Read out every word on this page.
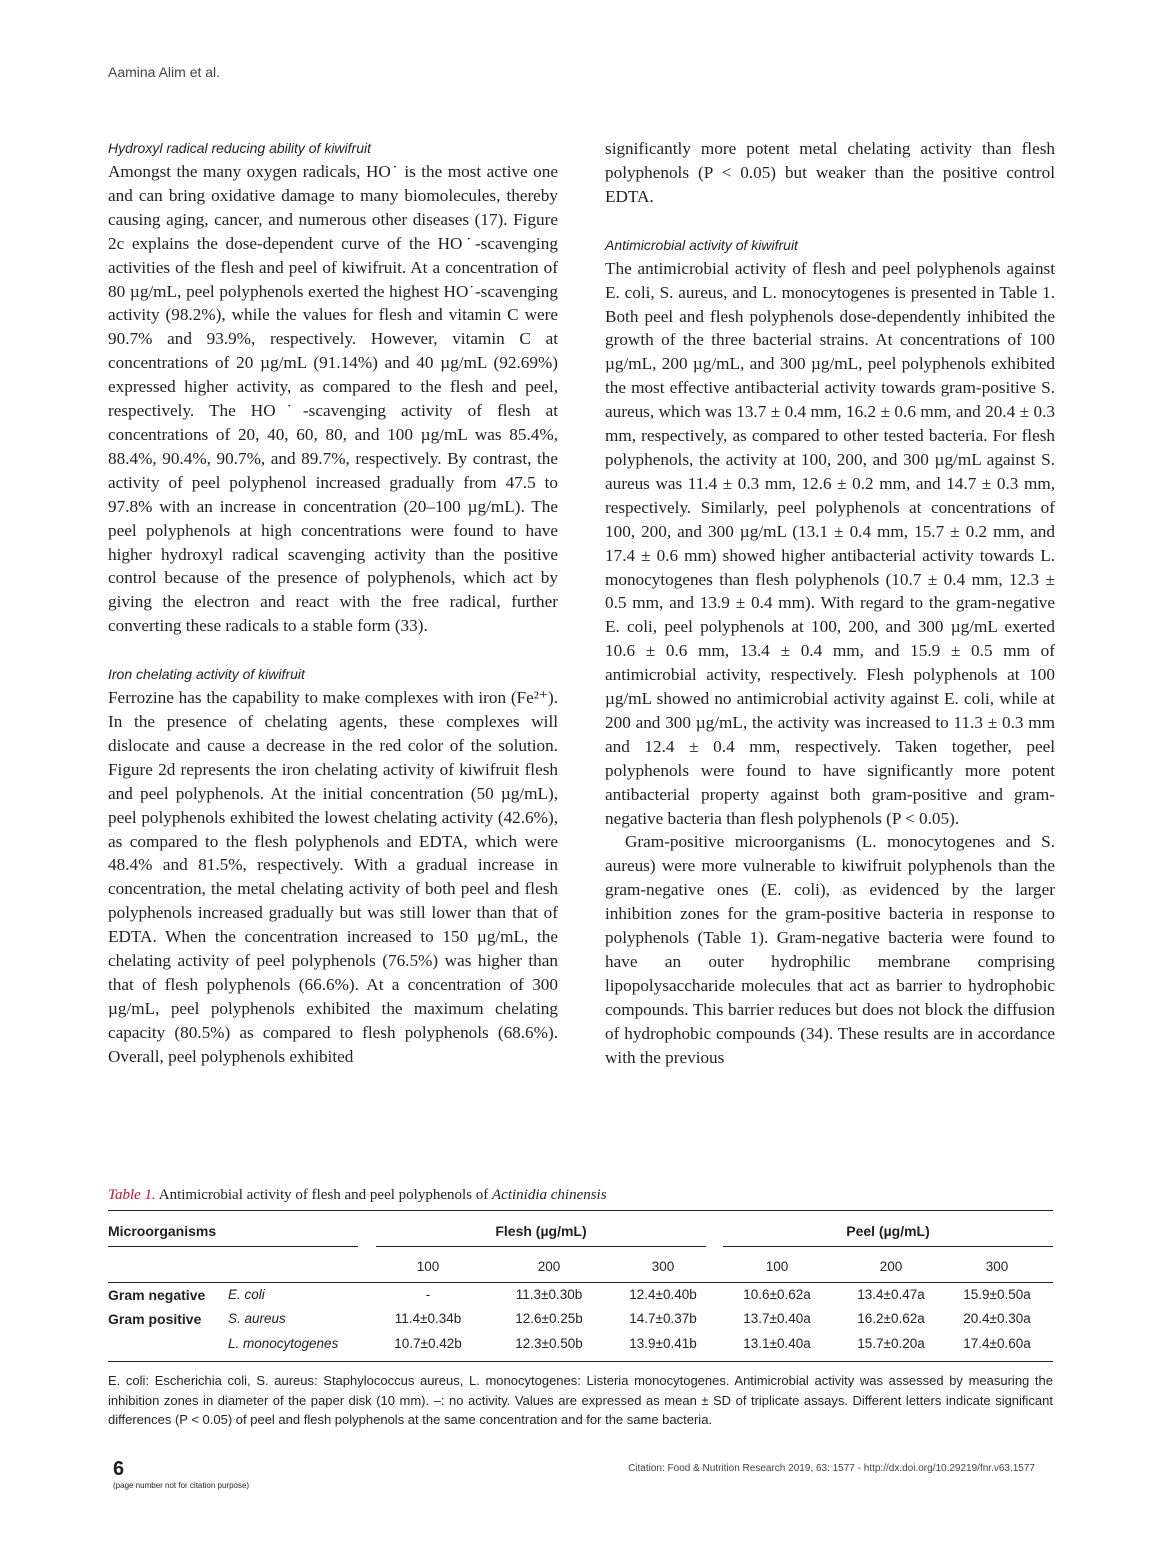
Aamina Alim et al.

Hydroxyl radical reducing ability of kiwifruit

Amongst the many oxygen radicals, HO˙ is the most active one and can bring oxidative damage to many biomolecules, thereby causing aging, cancer, and numerous other diseases (17). Figure 2c explains the dose-dependent curve of the HO˙-scavenging activities of the flesh and peel of kiwifruit. At a concentration of 80 µg/mL, peel polyphenols exerted the highest HO˙-scavenging activity (98.2%), while the values for flesh and vitamin C were 90.7% and 93.9%, respectively. However, vitamin C at concentrations of 20 µg/mL (91.14%) and 40 µg/mL (92.69%) expressed higher activity, as compared to the flesh and peel, respectively. The HO˙-scavenging activity of flesh at concentrations of 20, 40, 60, 80, and 100 µg/mL was 85.4%, 88.4%, 90.4%, 90.7%, and 89.7%, respectively. By contrast, the activity of peel polyphenol increased gradually from 47.5 to 97.8% with an increase in concentration (20–100 µg/mL). The peel polyphenols at high concentrations were found to have higher hydroxyl radical scavenging activity than the positive control because of the presence of polyphenols, which act by giving the electron and react with the free radical, further converting these radicals to a stable form (33).

Iron chelating activity of kiwifruit

Ferrozine has the capability to make complexes with iron (Fe²⁺). In the presence of chelating agents, these complexes will dislocate and cause a decrease in the red color of the solution. Figure 2d represents the iron chelating activity of kiwifruit flesh and peel polyphenols. At the initial concentration (50 µg/mL), peel polyphenols exhibited the lowest chelating activity (42.6%), as compared to the flesh polyphenols and EDTA, which were 48.4% and 81.5%, respectively. With a gradual increase in concentration, the metal chelating activity of both peel and flesh polyphenols increased gradually but was still lower than that of EDTA. When the concentration increased to 150 µg/mL, the chelating activity of peel polyphenols (76.5%) was higher than that of flesh polyphenols (66.6%). At a concentration of 300 µg/mL, peel polyphenols exhibited the maximum chelating capacity (80.5%) as compared to flesh polyphenols (68.6%). Overall, peel polyphenols exhibited

significantly more potent metal chelating activity than flesh polyphenols (P < 0.05) but weaker than the positive control EDTA.

Antimicrobial activity of kiwifruit

The antimicrobial activity of flesh and peel polyphenols against E. coli, S. aureus, and L. monocytogenes is presented in Table 1. Both peel and flesh polyphenols dose-dependently inhibited the growth of the three bacterial strains. At concentrations of 100 µg/mL, 200 µg/mL, and 300 µg/mL, peel polyphenols exhibited the most effective antibacterial activity towards gram-positive S. aureus, which was 13.7 ± 0.4 mm, 16.2 ± 0.6 mm, and 20.4 ± 0.3 mm, respectively, as compared to other tested bacteria. For flesh polyphenols, the activity at 100, 200, and 300 µg/mL against S. aureus was 11.4 ± 0.3 mm, 12.6 ± 0.2 mm, and 14.7 ± 0.3 mm, respectively. Similarly, peel polyphenols at concentrations of 100, 200, and 300 µg/mL (13.1 ± 0.4 mm, 15.7 ± 0.2 mm, and 17.4 ± 0.6 mm) showed higher antibacterial activity towards L. monocytogenes than flesh polyphenols (10.7 ± 0.4 mm, 12.3 ± 0.5 mm, and 13.9 ± 0.4 mm). With regard to the gram-negative E. coli, peel polyphenols at 100, 200, and 300 µg/mL exerted 10.6 ± 0.6 mm, 13.4 ± 0.4 mm, and 15.9 ± 0.5 mm of antimicrobial activity, respectively. Flesh polyphenols at 100 µg/mL showed no antimicrobial activity against E. coli, while at 200 and 300 µg/mL, the activity was increased to 11.3 ± 0.3 mm and 12.4 ± 0.4 mm, respectively. Taken together, peel polyphenols were found to have significantly more potent antibacterial property against both gram-positive and gram-negative bacteria than flesh polyphenols (P < 0.05).

Gram-positive microorganisms (L. monocytogenes and S. aureus) were more vulnerable to kiwifruit polyphenols than the gram-negative ones (E. coli), as evidenced by the larger inhibition zones for the gram-positive bacteria in response to polyphenols (Table 1). Gram-negative bacteria were found to have an outer hydrophilic membrane comprising lipopolysaccharide molecules that act as barrier to hydrophobic compounds. This barrier reduces but does not block the diffusion of hydrophobic compounds (34). These results are in accordance with the previous

Table 1. Antimicrobial activity of flesh and peel polyphenols of Actinidia chinensis
Microorganisms	Flesh (µg/mL)	Peel (µg/mL)
100	200	300	100	200	300
Gram negative E. coli	-	11.3±0.30b	12.4±0.40b	10.6±0.62a	13.4±0.47a	15.9±0.50a
Gram positive S. aureus	11.4±0.34b	12.6±0.25b	14.7±0.37b	13.7±0.40a	16.2±0.62a	20.4±0.30a
L. monocytogenes	10.7±0.42b	12.3±0.50b	13.9±0.41b	13.1±0.40a	15.7±0.20a	17.4±0.60a
E. coli: Escherichia coli, S. aureus: Staphylococcus aureus, L. monocytogenes: Listeria monocytogenes. Antimicrobial activity was assessed by measuring the inhibition zones in diameter of the paper disk (10 mm). –: no activity. Values are expressed as mean ± SD of triplicate assays. Different letters indicate significant differences (P < 0.05) of peel and flesh polyphenols at the same concentration and for the same bacteria.
6
(page number not for citation purpose)
Citation: Food & Nutrition Research 2019, 63: 1577 - http://dx.doi.org/10.29219/fnr.v63.1577
